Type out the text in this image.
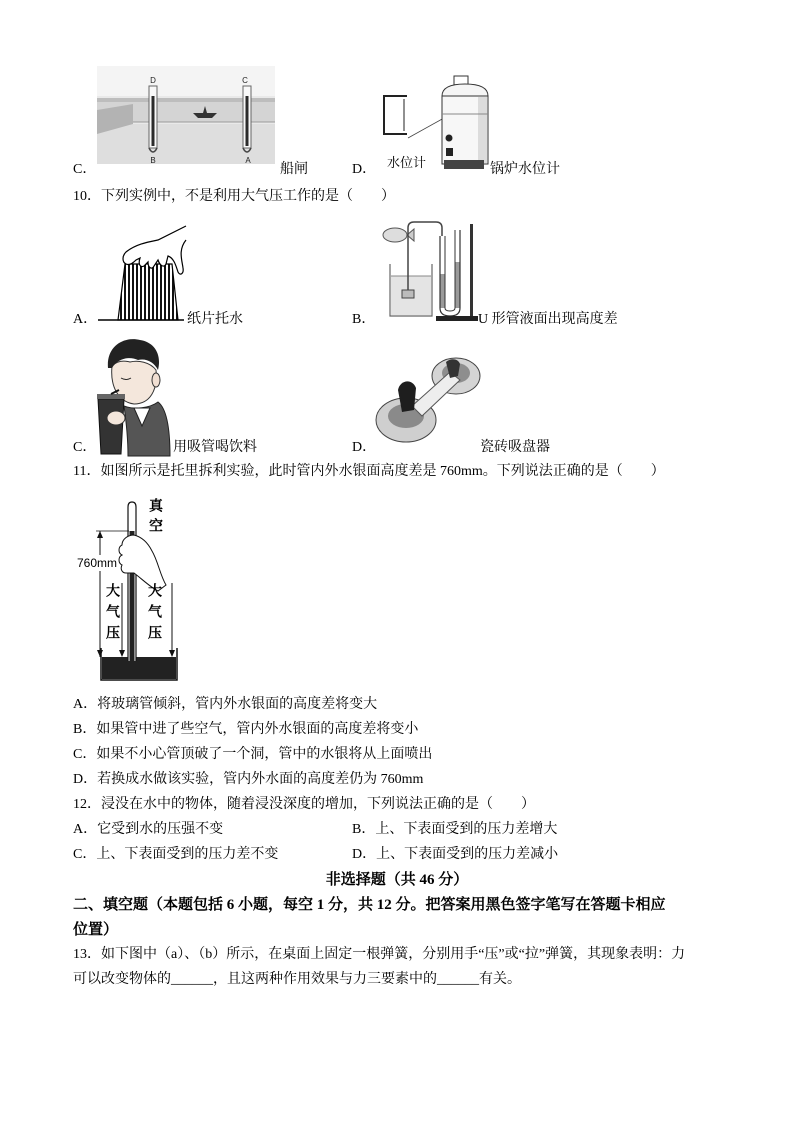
D	C
B	A
C．	船闸	水位计
D．	锅炉水位计
10．下列实例中，不是利用大气压工作的是（　　）
A．	纸片托水	B．	U 形管液面出现高度差
C．	用吸管喝饮料	D．	瓷砖吸盘器
11．如图所示是托里拆利实验，此时管内外水银面高度差是 760mm。下列说法正确的是（　　）
真空
760mm
大气压 大气压
A．将玻璃管倾斜，管内外水银面的高度差将变大
B．如果管中进了些空气，管内外水银面的高度差将变小
C．如果不小心管顶破了一个洞，管中的水银将从上面喷出
D．若换成水做该实验，管内外水面的高度差仍为 760mm
12．浸没在水中的物体，随着浸没深度的增加，下列说法正确的是（　　）
A．它受到水的压强不变	B．上、下表面受到的压力差增大
C．上、下表面受到的压力差不变	D．上、下表面受到的压力差减小
非选择题（共 46 分）
二、填空题（本题包括 6 小题，每空 1 分，共 12 分。把答案用黑色签字笔写在答题卡相应
位置）
13．如下图中（a）、（b）所示，在桌面上固定一根弹簧，分别用手“压”或“拉”弹簧，其现象表明：力
可以改变物体的______，且这两种作用效果与力三要素中的______有关。
